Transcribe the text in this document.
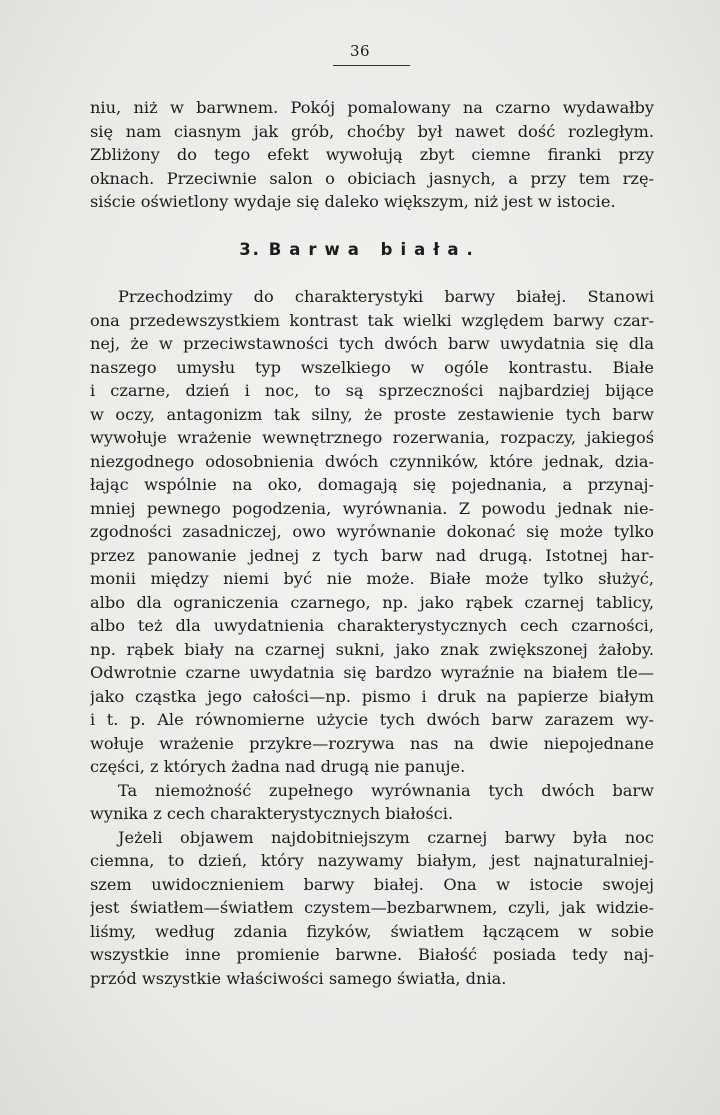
36
niu, niż w barwnem. Pokój pomalowany na czarno wydawałby
się nam ciasnym jak grób, choćby był nawet dość rozległym.
Zbliżony do tego efekt wywołują zbyt ciemne firanki przy
oknach. Przeciwnie salon o obiciach jasnych, a przy tem rzę-
siście oświetlony wydaje się daleko większym, niż jest w istocie.
3. Barwa biała.
Przechodzimy do charakterystyki barwy białej. Stanowi
ona przedewszystkiem kontrast tak wielki względem barwy czar-
nej, że w przeciwstawności tych dwóch barw uwydatnia się dla
naszego umysłu typ wszelkiego w ogóle kontrastu. Białe
i czarne, dzień i noc, to są sprzeczności najbardziej bijące
w oczy, antagonizm tak silny, że proste zestawienie tych barw
wywołuje wrażenie wewnętrznego rozerwania, rozpaczy, jakiegoś
niezgodnego odosobnienia dwóch czynników, które jednak, dzia-
łając wspólnie na oko, domagają się pojednania, a przynaj-
mniej pewnego pogodzenia, wyrównania. Z powodu jednak nie-
zgodności zasadniczej, owo wyrównanie dokonać się może tylko
przez panowanie jednej z tych barw nad drugą. Istotnej har-
monii między niemi być nie może. Białe może tylko służyć,
albo dla ograniczenia czarnego, np. jako rąbek czarnej tablicy,
albo też dla uwydatnienia charakterystycznych cech czarności,
np. rąbek biały na czarnej sukni, jako znak zwiększonej żałoby.
Odwrotnie czarne uwydatnia się bardzo wyraźnie na białem tle—
jako cząstka jego całości—np. pismo i druk na papierze białym
i t. p. Ale równomierne użycie tych dwóch barw zarazem wy-
wołuje wrażenie przykre—rozrywa nas na dwie niepojednane
części, z których żadna nad drugą nie panuje.
Ta niemożność zupełnego wyrównania tych dwóch barw
wynika z cech charakterystycznych białości.
Jeżeli objawem najdobitniejszym czarnej barwy była noc
ciemna, to dzień, który nazywamy białym, jest najnaturalniej-
szem uwidocznieniem barwy białej. Ona w istocie swojej
jest światłem—światłem czystem—bezbarwnem, czyli, jak widzie-
liśmy, według zdania fizyków, światłem łączącem w sobie
wszystkie inne promienie barwne. Białość posiada tedy naj-
przód wszystkie właściwości samego światła, dnia.
